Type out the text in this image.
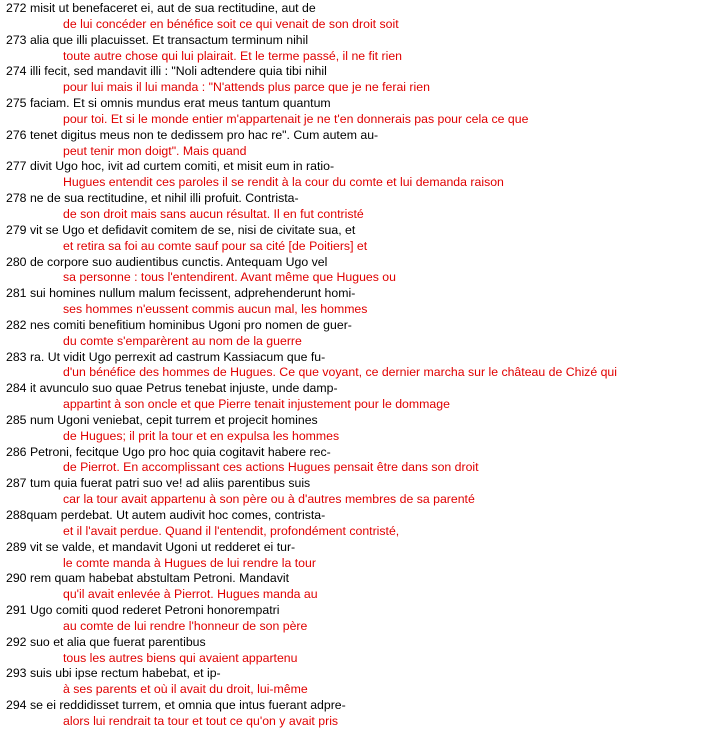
272 misit ut benefaceret ei, aut de sua rectitudine, aut de
de lui concéder en bénéfice soit ce qui venait de son droit soit
273 alia que illi placuisset. Et transactum terminum nihil
toute autre chose qui lui plairait. Et le terme passé, il ne fit rien
274 illi fecit, sed mandavit illi : "Noli adtendere quia tibi nihil
pour lui mais il lui manda : "N'attends plus parce que je ne ferai rien
275 faciam. Et si omnis mundus erat meus tantum quantum
pour toi. Et si le monde entier m'appartenait je ne t'en donnerais pas pour cela ce que
276 tenet digitus meus non te dedissem pro hac re". Cum autem au-
peut tenir mon doigt". Mais quand
277 divit Ugo hoc, ivit ad curtem comiti, et misit eum in ratio-
Hugues entendit ces paroles il se rendit à la cour du comte et lui demanda raison
278 ne de sua rectitudine, et nihil illi profuit. Contrista-
de son droit mais sans aucun résultat. Il en fut contristé
279 vit se Ugo et defidavit comitem de se, nisi de civitate sua, et
et retira sa foi au comte sauf pour sa cité [de Poitiers] et
280 de corpore suo audientibus cunctis. Antequam Ugo vel
sa personne : tous l'entendirent. Avant même que Hugues ou
281 sui homines nullum malum fecissent, adprehenderunt homi-
ses hommes n'eussent commis aucun mal, les hommes
282 nes comiti benefitium hominibus Ugoni pro nomen de guer-
du comte s'emparèrent au nom de la guerre
283 ra. Ut vidit Ugo perrexit ad castrum Kassiacum que fu-
d'un bénéfice des hommes de Hugues. Ce que voyant, ce dernier marcha sur le château de Chizé qui
284 it avunculo suo quae Petrus tenebat injuste, unde damp-
appartint à son oncle et que Pierre tenait injustement pour le dommage
285 num Ugoni veniebat, cepit turrem et projecit homines
de Hugues; il prit la tour et en expulsa les hommes
286 Petroni, fecitque Ugo pro hoc quia cogitavit habere rec-
de Pierrot. En accomplissant ces actions Hugues pensait être dans son droit
287 tum quia fuerat patri suo ve! ad aliis parentibus suis
car la tour avait appartenu à son père ou à d'autres membres de sa parenté
288quam perdebat. Ut autem audivit hoc comes, contrista-
et il l'avait perdue. Quand il l'entendit, profondément contristé,
289 vit se valde, et mandavit Ugoni ut redderet ei tur-
le comte manda à Hugues de lui rendre la tour
290 rem quam habebat abstultam Petroni. Mandavit
qu'il avait enlevée à Pierrot. Hugues manda au
291 Ugo comiti quod rederet Petroni honorempatri
au comte de lui rendre l'honneur de son père
292 suo et alia que fuerat parentibus
tous les autres biens qui avaient appartenu
293 suis ubi ipse rectum habebat, et ip-
à ses parents et où il avait du droit, lui-même
294 se ei reddidisset turrem, et omnia que intus fuerant adpre-
alors lui rendrait ta tour et tout ce qu'on y avait pris
